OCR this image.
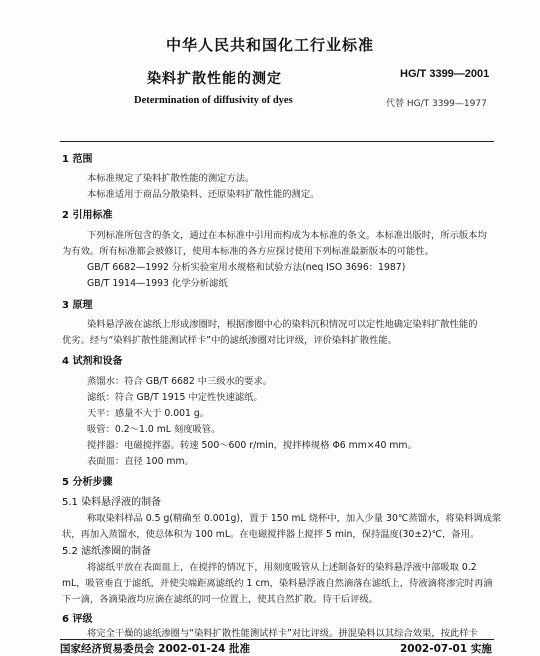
中华人民共和国化工行业标准
染料扩散性能的测定	HG/T 3399—2001
Determination of diffusivity of dyes	代替 HG/T 3399—1977
1 范围
本标准规定了染料扩散性能的测定方法。
本标准适用于商品分散染料、还原染料扩散性能的测定。
2 引用标准
下列标准所包含的条文，通过在本标准中引用而构成为本标准的条文。本标准出版时，所示版本均
为有效。所有标准都会被修订，使用本标准的各方应探讨使用下列标准最新版本的可能性。
GB/T 6682—1992 分析实验室用水规格和试验方法(neq ISO 3696：1987)
GB/T 1914—1993 化学分析滤纸
3 原理
染料悬浮液在滤纸上形成渗圈时，根据渗圈中心的染料沉积情况可以定性地确定染料扩散性能的
优劣。经与“染料扩散性能测试样卡”中的滤纸渗圈对比评级，评价染料扩散性能。
4 试剂和设备
蒸馏水：符合 GB/T 6682 中三级水的要求。
滤纸：符合 GB/T 1915 中定性快速滤纸。
天平：感量不大于 0.001 g。
吸管：0.2～1.0 mL 刻度吸管。
搅拌器：电磁搅拌器。转速 500～600 r/min，搅拌棒规格 Φ6 mm×40 mm。
表面皿：直径 100 mm。
5 分析步骤
5.1 染料悬浮液的制备
称取染料样品 0.5 g(精确至 0.001g)，置于 150 mL 烧杯中，加入少量 30℃蒸馏水，将染料调成浆
状，再加入蒸馏水，使总体积为 100 mL。在电磁搅拌器上搅拌 5 min，保持温度(30±2)℃，备用。
5.2 滤纸渗圈的制备
将滤纸平放在表面皿上，在搅拌的情况下，用刻度吸管从上述制备好的染料悬浮液中部吸取 0.2
mL，吸管垂直于滤纸，并使尖端距离滤纸约 1 cm，染料悬浮液自然滴落在滤纸上，待液滴将渗完时再滴
下一滴，各滴染液均应滴在滤纸的同一位置上，使其自然扩散。待干后评级。
6 评级
将完全干燥的滤纸渗圈与“染料扩散性能测试样卡”对比评级。拼混染料以其综合效果，按此样卡
国家经济贸易委员会 2002-01-24 批准	2002-07-01 实施
